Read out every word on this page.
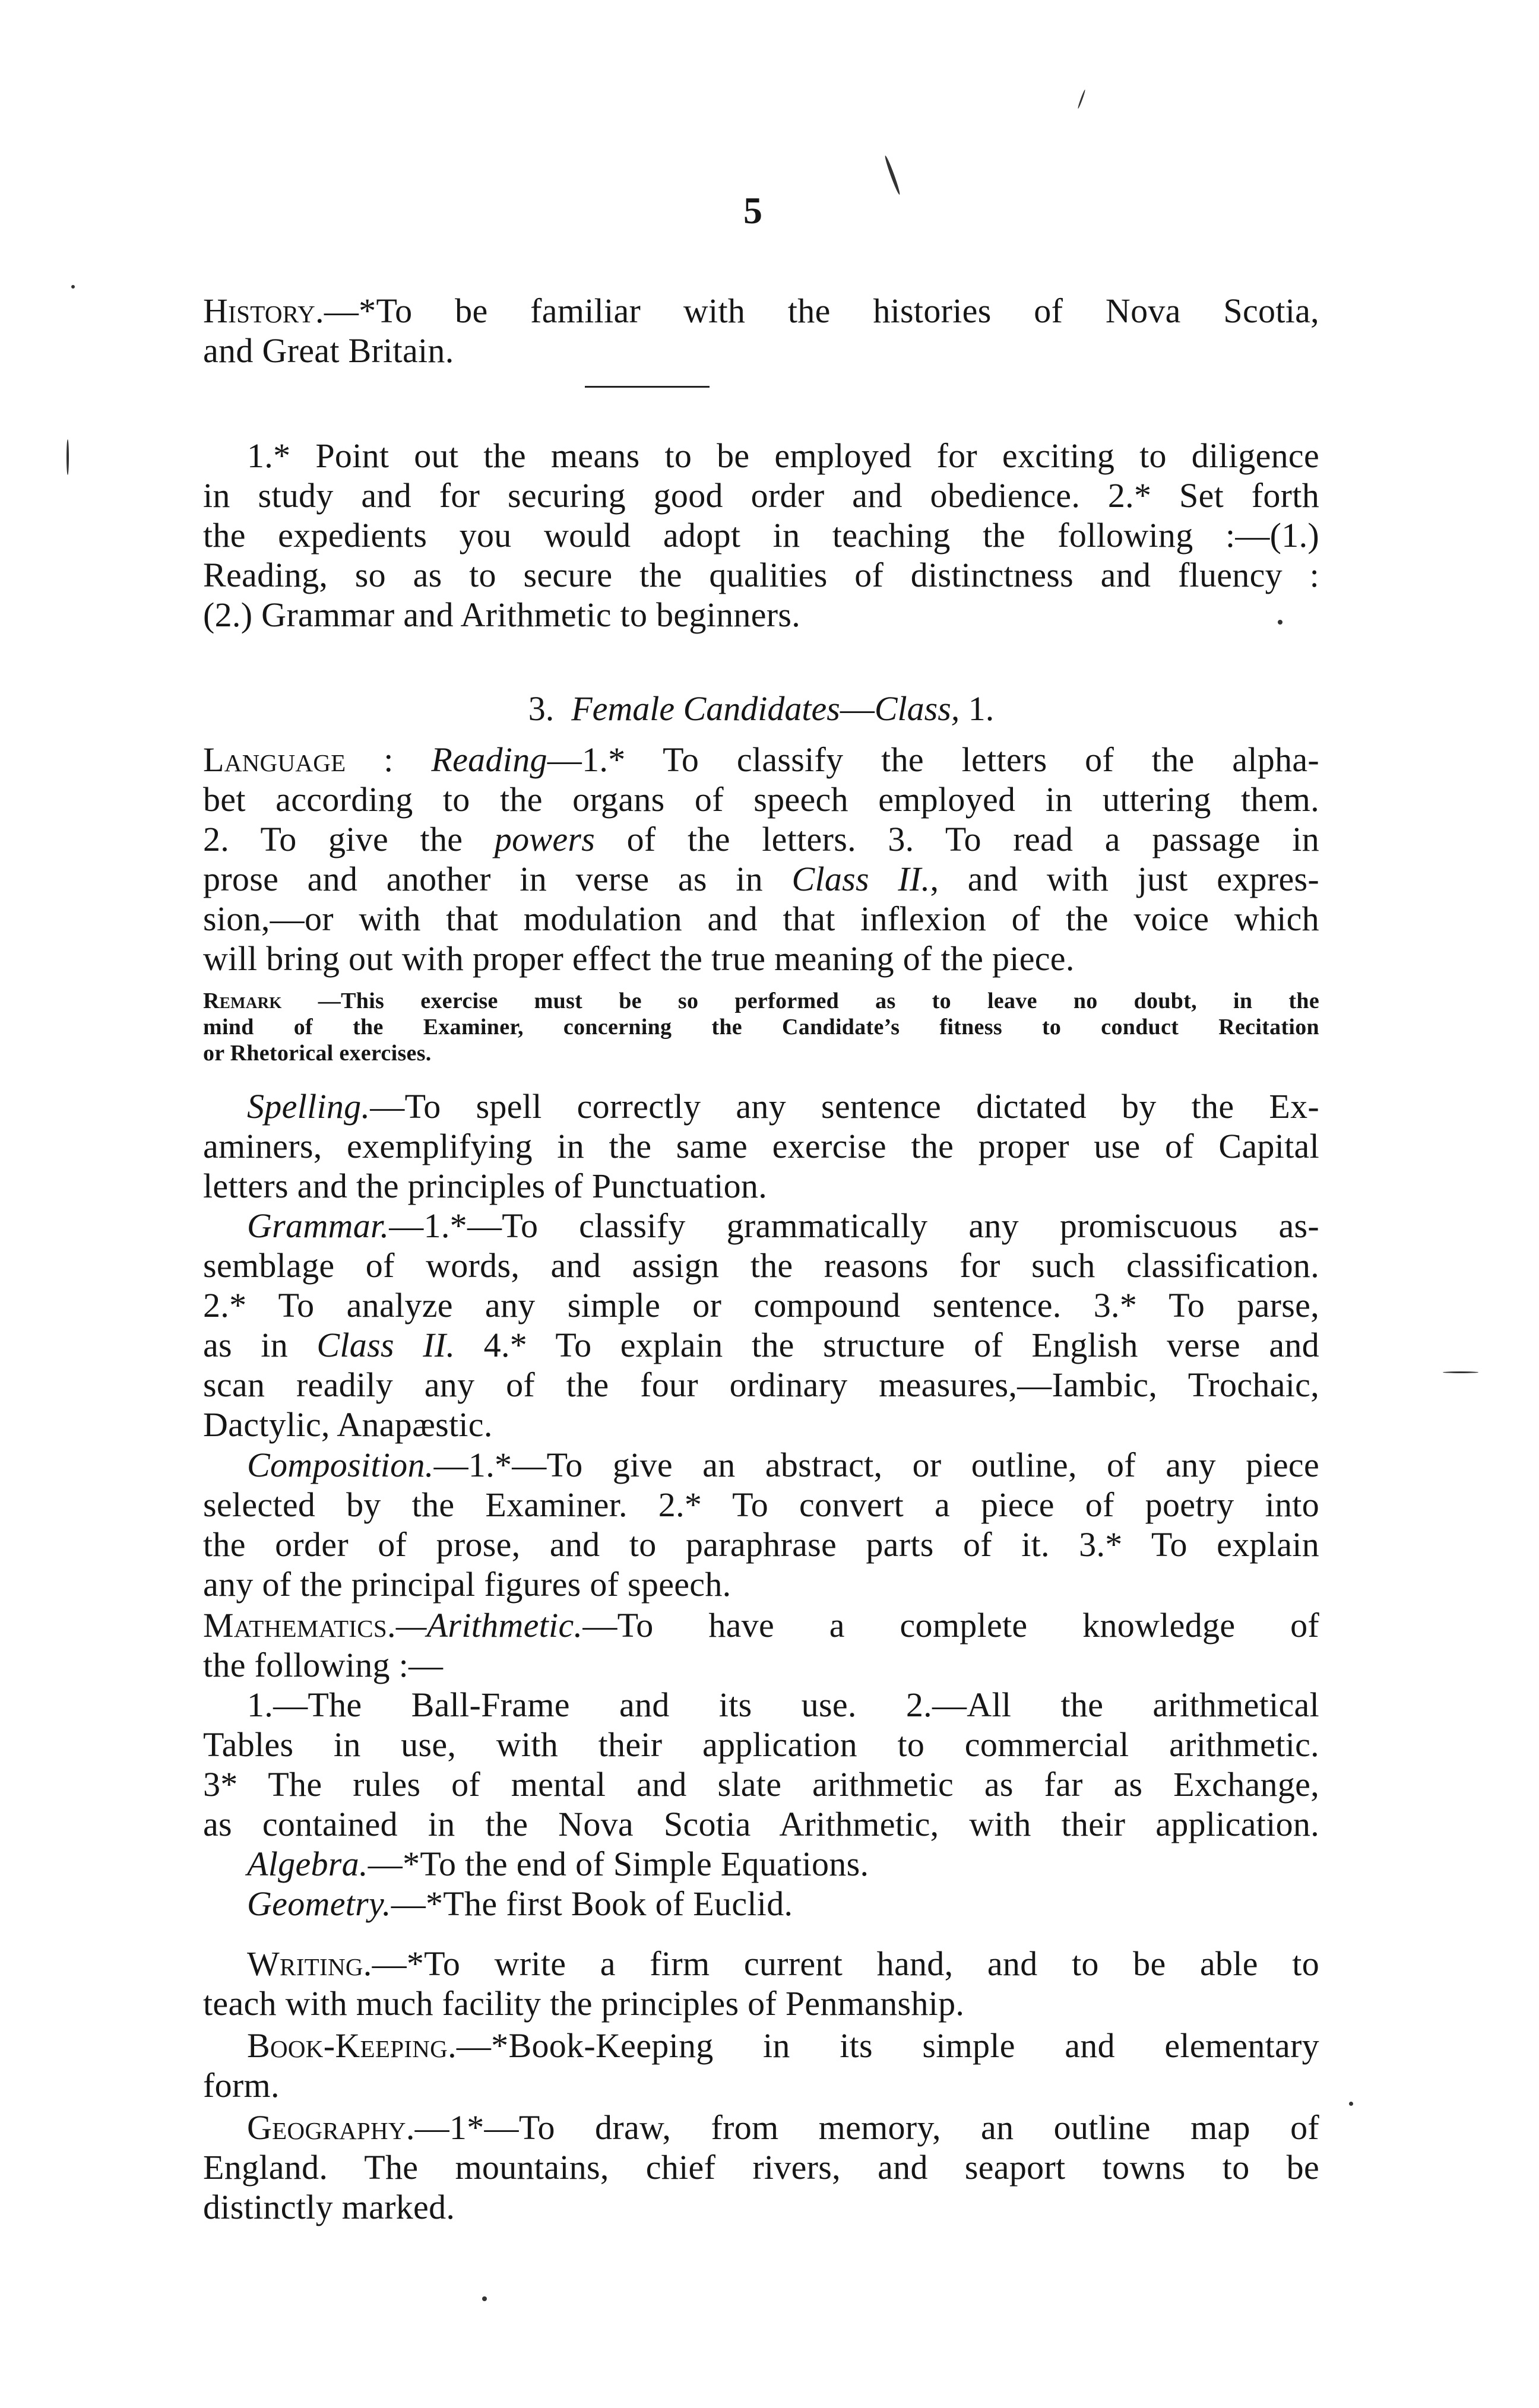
5
History.—*To be familiar with the histories of Nova Scotia,
and Great Britain.
1.* Point out the means to be employed for exciting to diligence
in study and for securing good order and obedience. 2.* Set forth
the expedients you would adopt in teaching the following :—(1.)
Reading, so as to secure the qualities of distinctness and fluency :
(2.) Grammar and Arithmetic to beginners.
3. Female Candidates—Class, 1.
Language : Reading—1.* To classify the letters of the alpha-
bet according to the organs of speech employed in uttering them.
2. To give the powers of the letters. 3. To read a passage in
prose and another in verse as in Class II., and with just expres-
sion,—or with that modulation and that inflexion of the voice which
will bring out with proper effect the true meaning of the piece.
Remark —This exercise must be so performed as to leave no doubt, in the
mind of the Examiner, concerning the Candidate’s fitness to conduct Recitation
or Rhetorical exercises.
Spelling.—To spell correctly any sentence dictated by the Ex-
aminers, exemplifying in the same exercise the proper use of Capital
letters and the principles of Punctuation.
Grammar.—1.*—To classify grammatically any promiscuous as-
semblage of words, and assign the reasons for such classification.
2.* To analyze any simple or compound sentence. 3.* To parse,
as in Class II. 4.* To explain the structure of English verse and
scan readily any of the four ordinary measures,—Iambic, Trochaic,
Dactylic, Anapæstic.
Composition.—1.*—To give an abstract, or outline, of any piece
selected by the Examiner. 2.* To convert a piece of poetry into
the order of prose, and to paraphrase parts of it. 3.* To explain
any of the principal figures of speech.
Mathematics.—Arithmetic.—To have a complete knowledge of
the following :—
1.—The Ball-Frame and its use. 2.—All the arithmetical
Tables in use, with their application to commercial arithmetic.
3* The rules of mental and slate arithmetic as far as Exchange,
as contained in the Nova Scotia Arithmetic, with their application.
Algebra.—*To the end of Simple Equations.
Geometry.—*The first Book of Euclid.
Writing.—*To write a firm current hand, and to be able to
teach with much facility the principles of Penmanship.
Book-Keeping.—*Book-Keeping in its simple and elementary
form.
Geography.—1*—To draw, from memory, an outline map of
England. The mountains, chief rivers, and seaport towns to be
distinctly marked.
